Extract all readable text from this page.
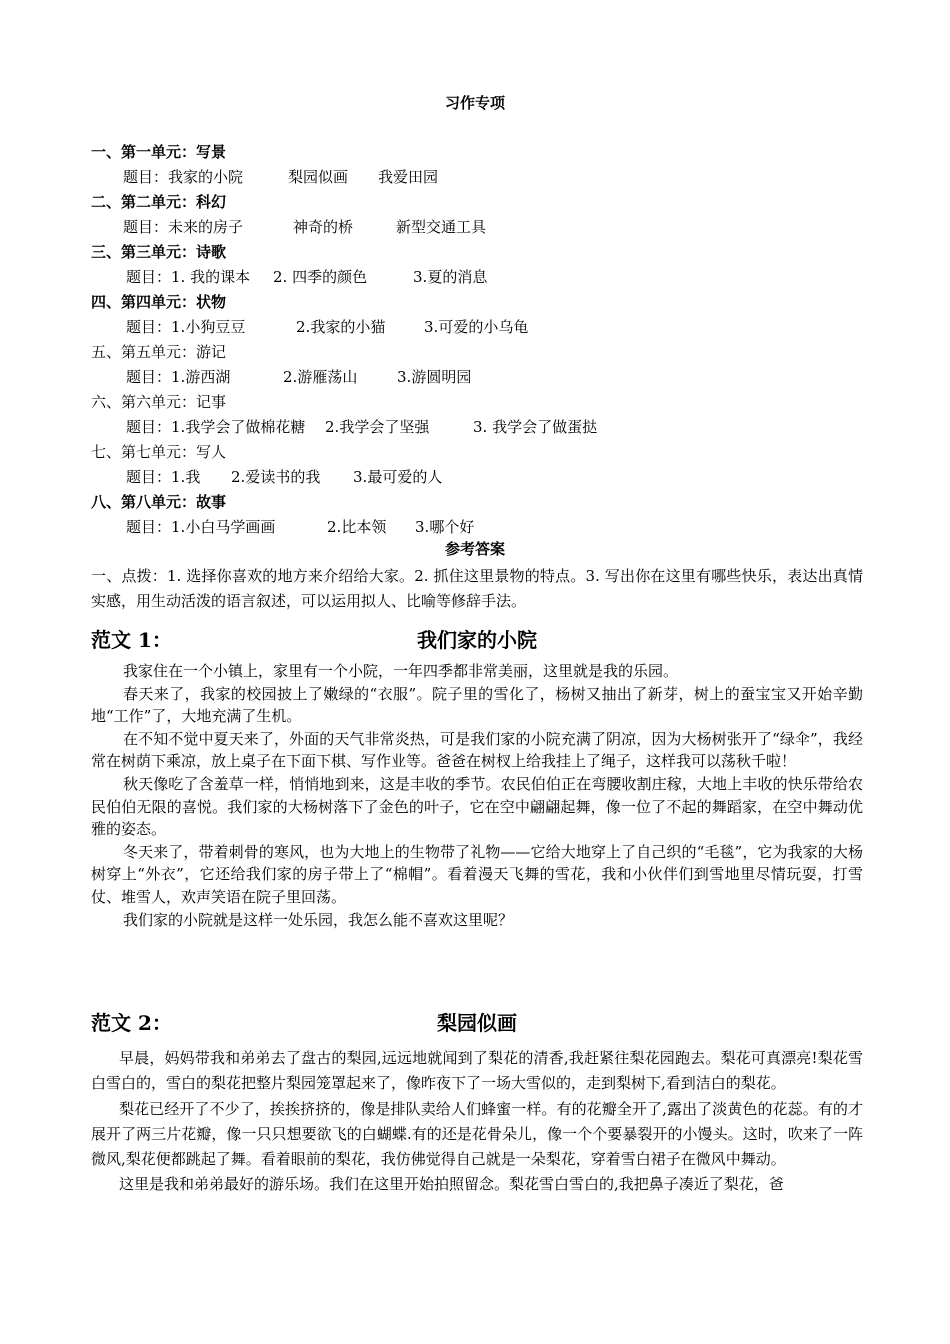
习作专项
一、第一单元：写景
题目：我家的小院	梨园似画 我爱田园
二、第二单元：科幻
题目：未来的房子	神奇的桥	新型交通工具
三、第三单元：诗歌
题目：1. 我的课本 2. 四季的颜色	3.夏的消息
四、第四单元：状物
题目：1.小狗豆豆	2.我家的小猫	3.可爱的小乌龟
五、第五单元：游记
题目：1.游西湖	2.游雁荡山	3.游圆明园
六、第六单元：记事
题目：1.我学会了做棉花糖 2.我学会了坚强	3. 我学会了做蛋挞
七、第七单元：写人
题目：1.我 2.爱读书的我 3.最可爱的人
八、第八单元：故事
题目：1.小白马学画画	2.比本领 3.哪个好
参考答案
一、点拨：1. 选择你喜欢的地方来介绍给大家。2. 抓住这里景物的特点。3. 写出你在这里有哪些快乐，表达出真情实感，用生动活泼的语言叙述，可以运用拟人、比喻等修辞手法。
范文 1：	我们家的小院

我家住在一个小镇上，家里有一个小院，一年四季都非常美丽，这里就是我的乐园。

春天来了，我家的校园披上了嫩绿的“衣服”。院子里的雪化了，杨树又抽出了新芽，树上的蚕宝宝又开始辛勤地“工作”了，大地充满了生机。

在不知不觉中夏天来了，外面的天气非常炎热，可是我们家的小院充满了阴凉，因为大杨树张开了“绿伞”，我经常在树荫下乘凉，放上桌子在下面下棋、写作业等。爸爸在树杈上给我挂上了绳子，这样我可以荡秋千啦！

秋天像吃了含羞草一样，悄悄地到来，这是丰收的季节。农民伯伯正在弯腰收割庄稼，大地上丰收的快乐带给农民伯伯无限的喜悦。我们家的大杨树落下了金色的叶子，它在空中翩翩起舞，像一位了不起的舞蹈家，在空中舞动优雅的姿态。

冬天来了，带着刺骨的寒风，也为大地上的生物带了礼物——它给大地穿上了自己织的“毛毯”，它为我家的大杨树穿上“外衣”，它还给我们家的房子带上了“棉帽”。看着漫天飞舞的雪花，我和小伙伴们到雪地里尽情玩耍，打雪仗、堆雪人，欢声笑语在院子里回荡。

我们家的小院就是这样一处乐园，我怎么能不喜欢这里呢？

范文 2：	梨园似画

早晨，妈妈带我和弟弟去了盘古的梨园,远远地就闻到了梨花的清香,我赶紧往梨花园跑去。梨花可真漂亮!梨花雪白雪白的，雪白的梨花把整片梨园笼罩起来了，像昨夜下了一场大雪似的，走到梨树下,看到洁白的梨花。

梨花已经开了不少了，挨挨挤挤的，像是排队卖给人们蜂蜜一样。有的花瓣全开了,露出了淡黄色的花蕊。有的才展开了两三片花瓣，像一只只想要欲飞的白蝴蝶.有的还是花骨朵儿，像一个个要暴裂开的小馒头。这时，吹来了一阵微风,梨花便都跳起了舞。看着眼前的梨花，我仿佛觉得自己就是一朵梨花，穿着雪白裙子在微风中舞动。

这里是我和弟弟最好的游乐场。我们在这里开始拍照留念。梨花雪白雪白的,我把鼻子凑近了梨花，爸
